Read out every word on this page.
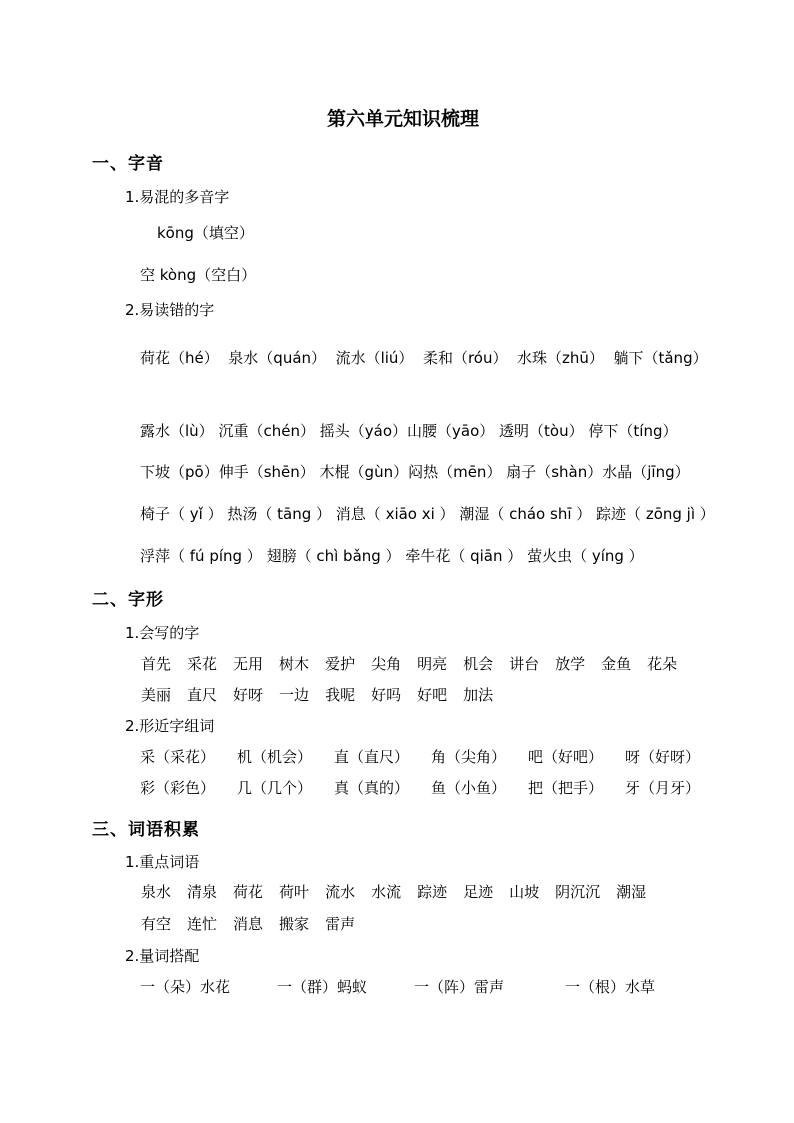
第六单元知识梳理
一、字音
1.易混的多音字
kōng（填空）
空 kòng（空白）
2.易读错的字
荷花（hé） 泉水（quán） 流水（liú） 柔和（róu） 水珠（zhū） 躺下（tǎng）
露水（lù） 沉重（chén） 摇头（yáo）山腰（yāo） 透明（tòu） 停下（tíng）
下坡（pō）伸手（shēn） 木棍（gùn）闷热（mēn） 扇子（shàn）水晶（jīng）
椅子（ yǐ ） 热汤（ tāng ） 消息（ xiāo xi ） 潮湿（ cháo shī ） 踪迹（ zōng jì ）
浮萍（ fú píng ） 翅膀（ chì bǎng ） 牵牛花（ qiān ） 萤火虫（ yíng ）
二、字形
1.会写的字
首先 采花 无用 树木 爱护 尖角 明亮 机会 讲台 放学 金鱼 花朵
美丽 直尺 好呀 一边 我呢 好吗 好吧 加法
2.形近字组词
采（采花） 机（机会） 直（直尺） 角（尖角） 吧（好吧） 呀（好呀）
彩（彩色） 几（几个） 真（真的） 鱼（小鱼） 把（把手） 牙（月牙）
三、词语积累
1.重点词语
泉水 清泉 荷花 荷叶 流水 水流 踪迹 足迹 山坡 阴沉沉 潮湿
有空 连忙 消息 搬家 雷声
2.量词搭配
一（朵）水花	一（群）蚂蚁	一（阵）雷声	一（根）水草
